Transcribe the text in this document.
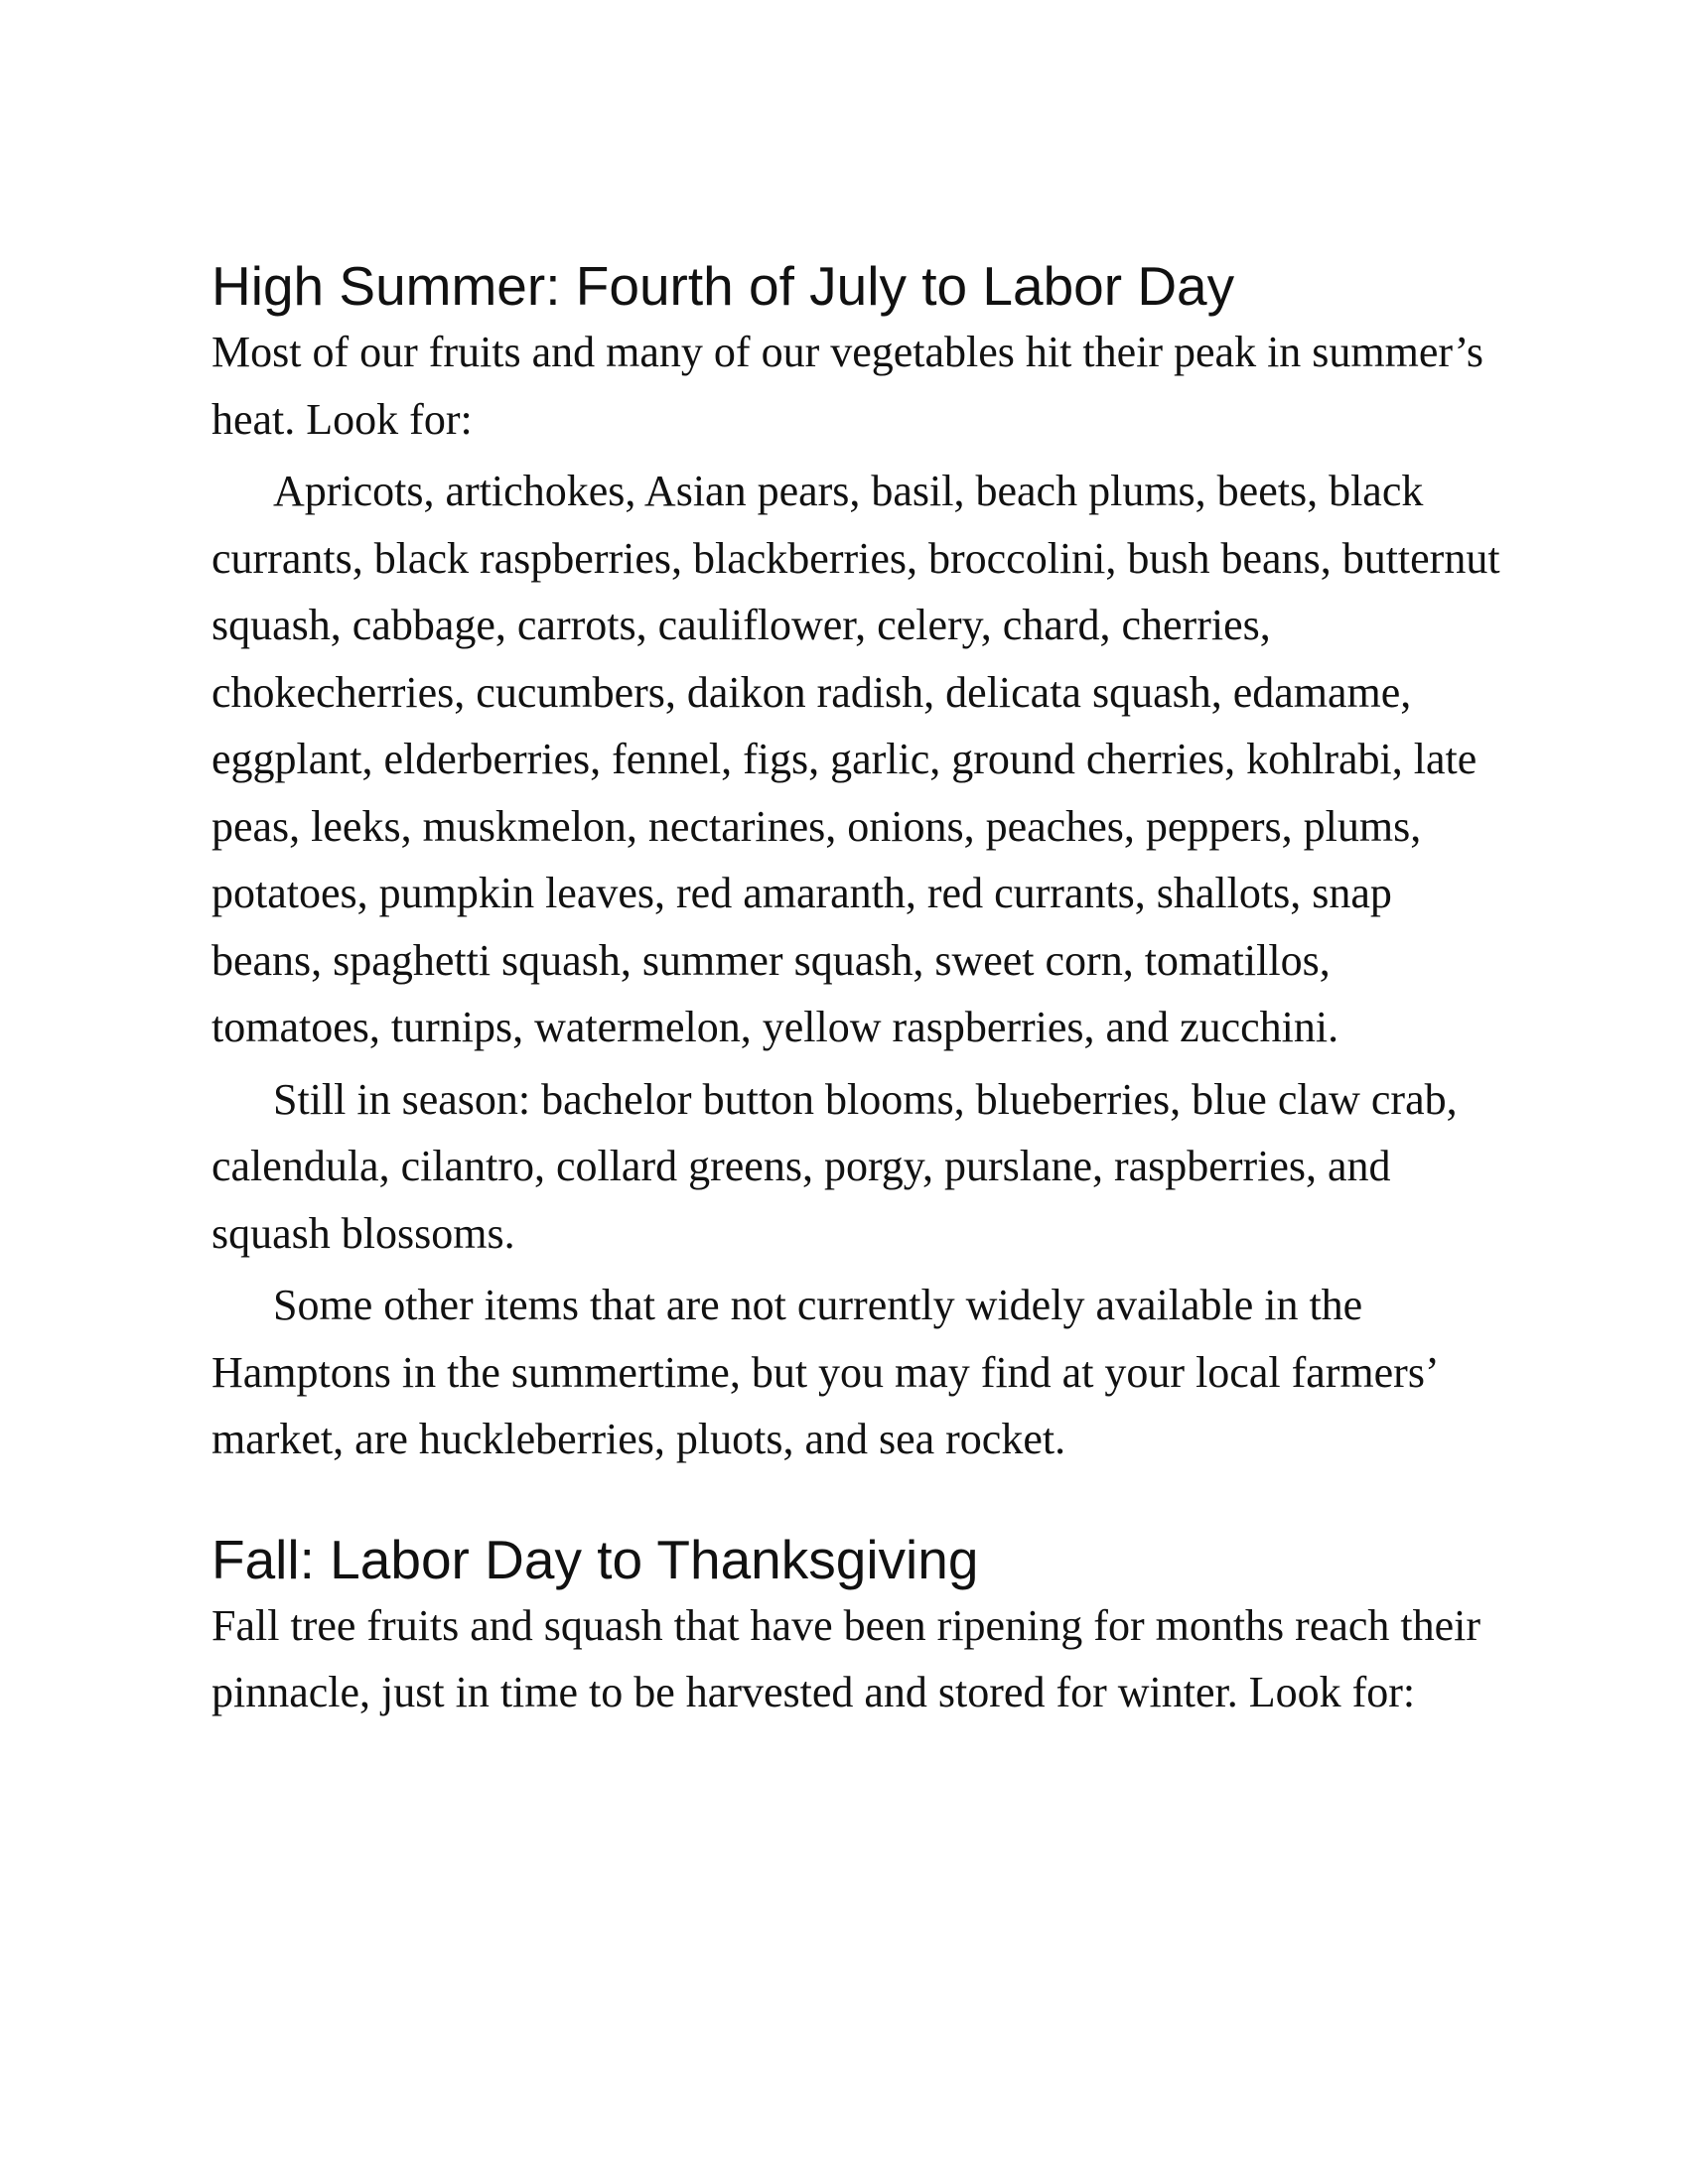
High Summer: Fourth of July to Labor Day

Most of our fruits and many of our vegetables hit their peak in summer’s heat. Look for:

Apricots, artichokes, Asian pears, basil, beach plums, beets, black currants, black raspberries, blackberries, broccolini, bush beans, butternut squash, cabbage, carrots, cauliflower, celery, chard, cherries, chokecherries, cucumbers, daikon radish, delicata squash, edamame, eggplant, elderberries, fennel, figs, garlic, ground cherries, kohlrabi, late peas, leeks, muskmelon, nectarines, onions, peaches, peppers, plums, potatoes, pumpkin leaves, red amaranth, red currants, shallots, snap beans, spaghetti squash, summer squash, sweet corn, tomatillos, tomatoes, turnips, watermelon, yellow raspberries, and zucchini.

Still in season: bachelor button blooms, blueberries, blue claw crab, calendula, cilantro, collard greens, porgy, purslane, raspberries, and squash blossoms.

Some other items that are not currently widely available in the Hamptons in the summertime, but you may find at your local farmers’ market, are huckleberries, pluots, and sea rocket.

Fall: Labor Day to Thanksgiving

Fall tree fruits and squash that have been ripening for months reach their pinnacle, just in time to be harvested and stored for winter. Look for:
